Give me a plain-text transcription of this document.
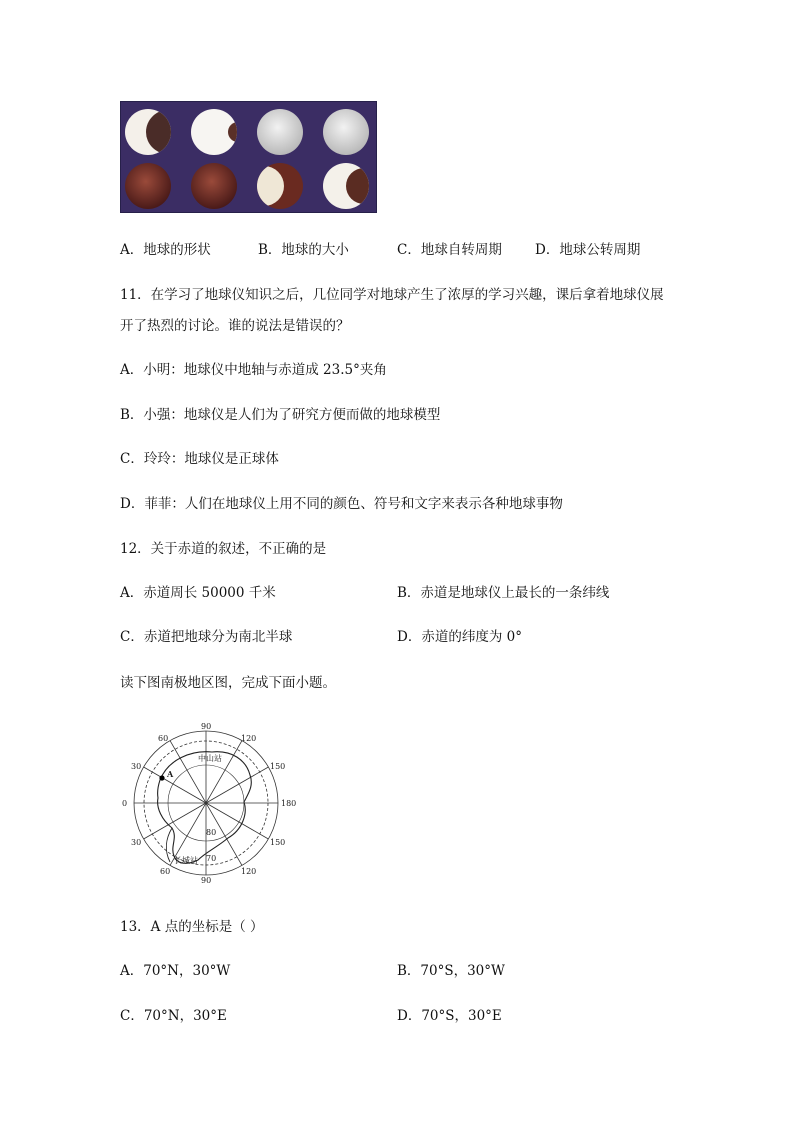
A．地球的形状	B．地球的大小	C．地球自转周期 D．地球公转周期
11．在学习了地球仪知识之后，几位同学对地球产生了浓厚的学习兴趣，课后拿着地球仪展
开了热烈的讨论。谁的说法是错误的？
A．小明：地球仪中地轴与赤道成 23.5°夹角
B．小强：地球仪是人们为了研究方便而做的地球模型
C．玲玲：地球仪是正球体
D．菲菲：人们在地球仪上用不同的颜色、符号和文字来表示各种地球事物
12．关于赤道的叙述，不正确的是
A．赤道周长 50000 千米	B．赤道是地球仪上最长的一条纬线
C．赤道把地球分为南北半球	D．赤道的纬度为 0°
读下图南极地区图，完成下面小题。
A
中山站
长城站
80
70
90
90
60	120
60	120
30
30
150
150
0	180
13．A 点的坐标是（ ）
A．70°N，30°W	B．70°S，30°W
C．70°N，30°E	D．70°S，30°E
